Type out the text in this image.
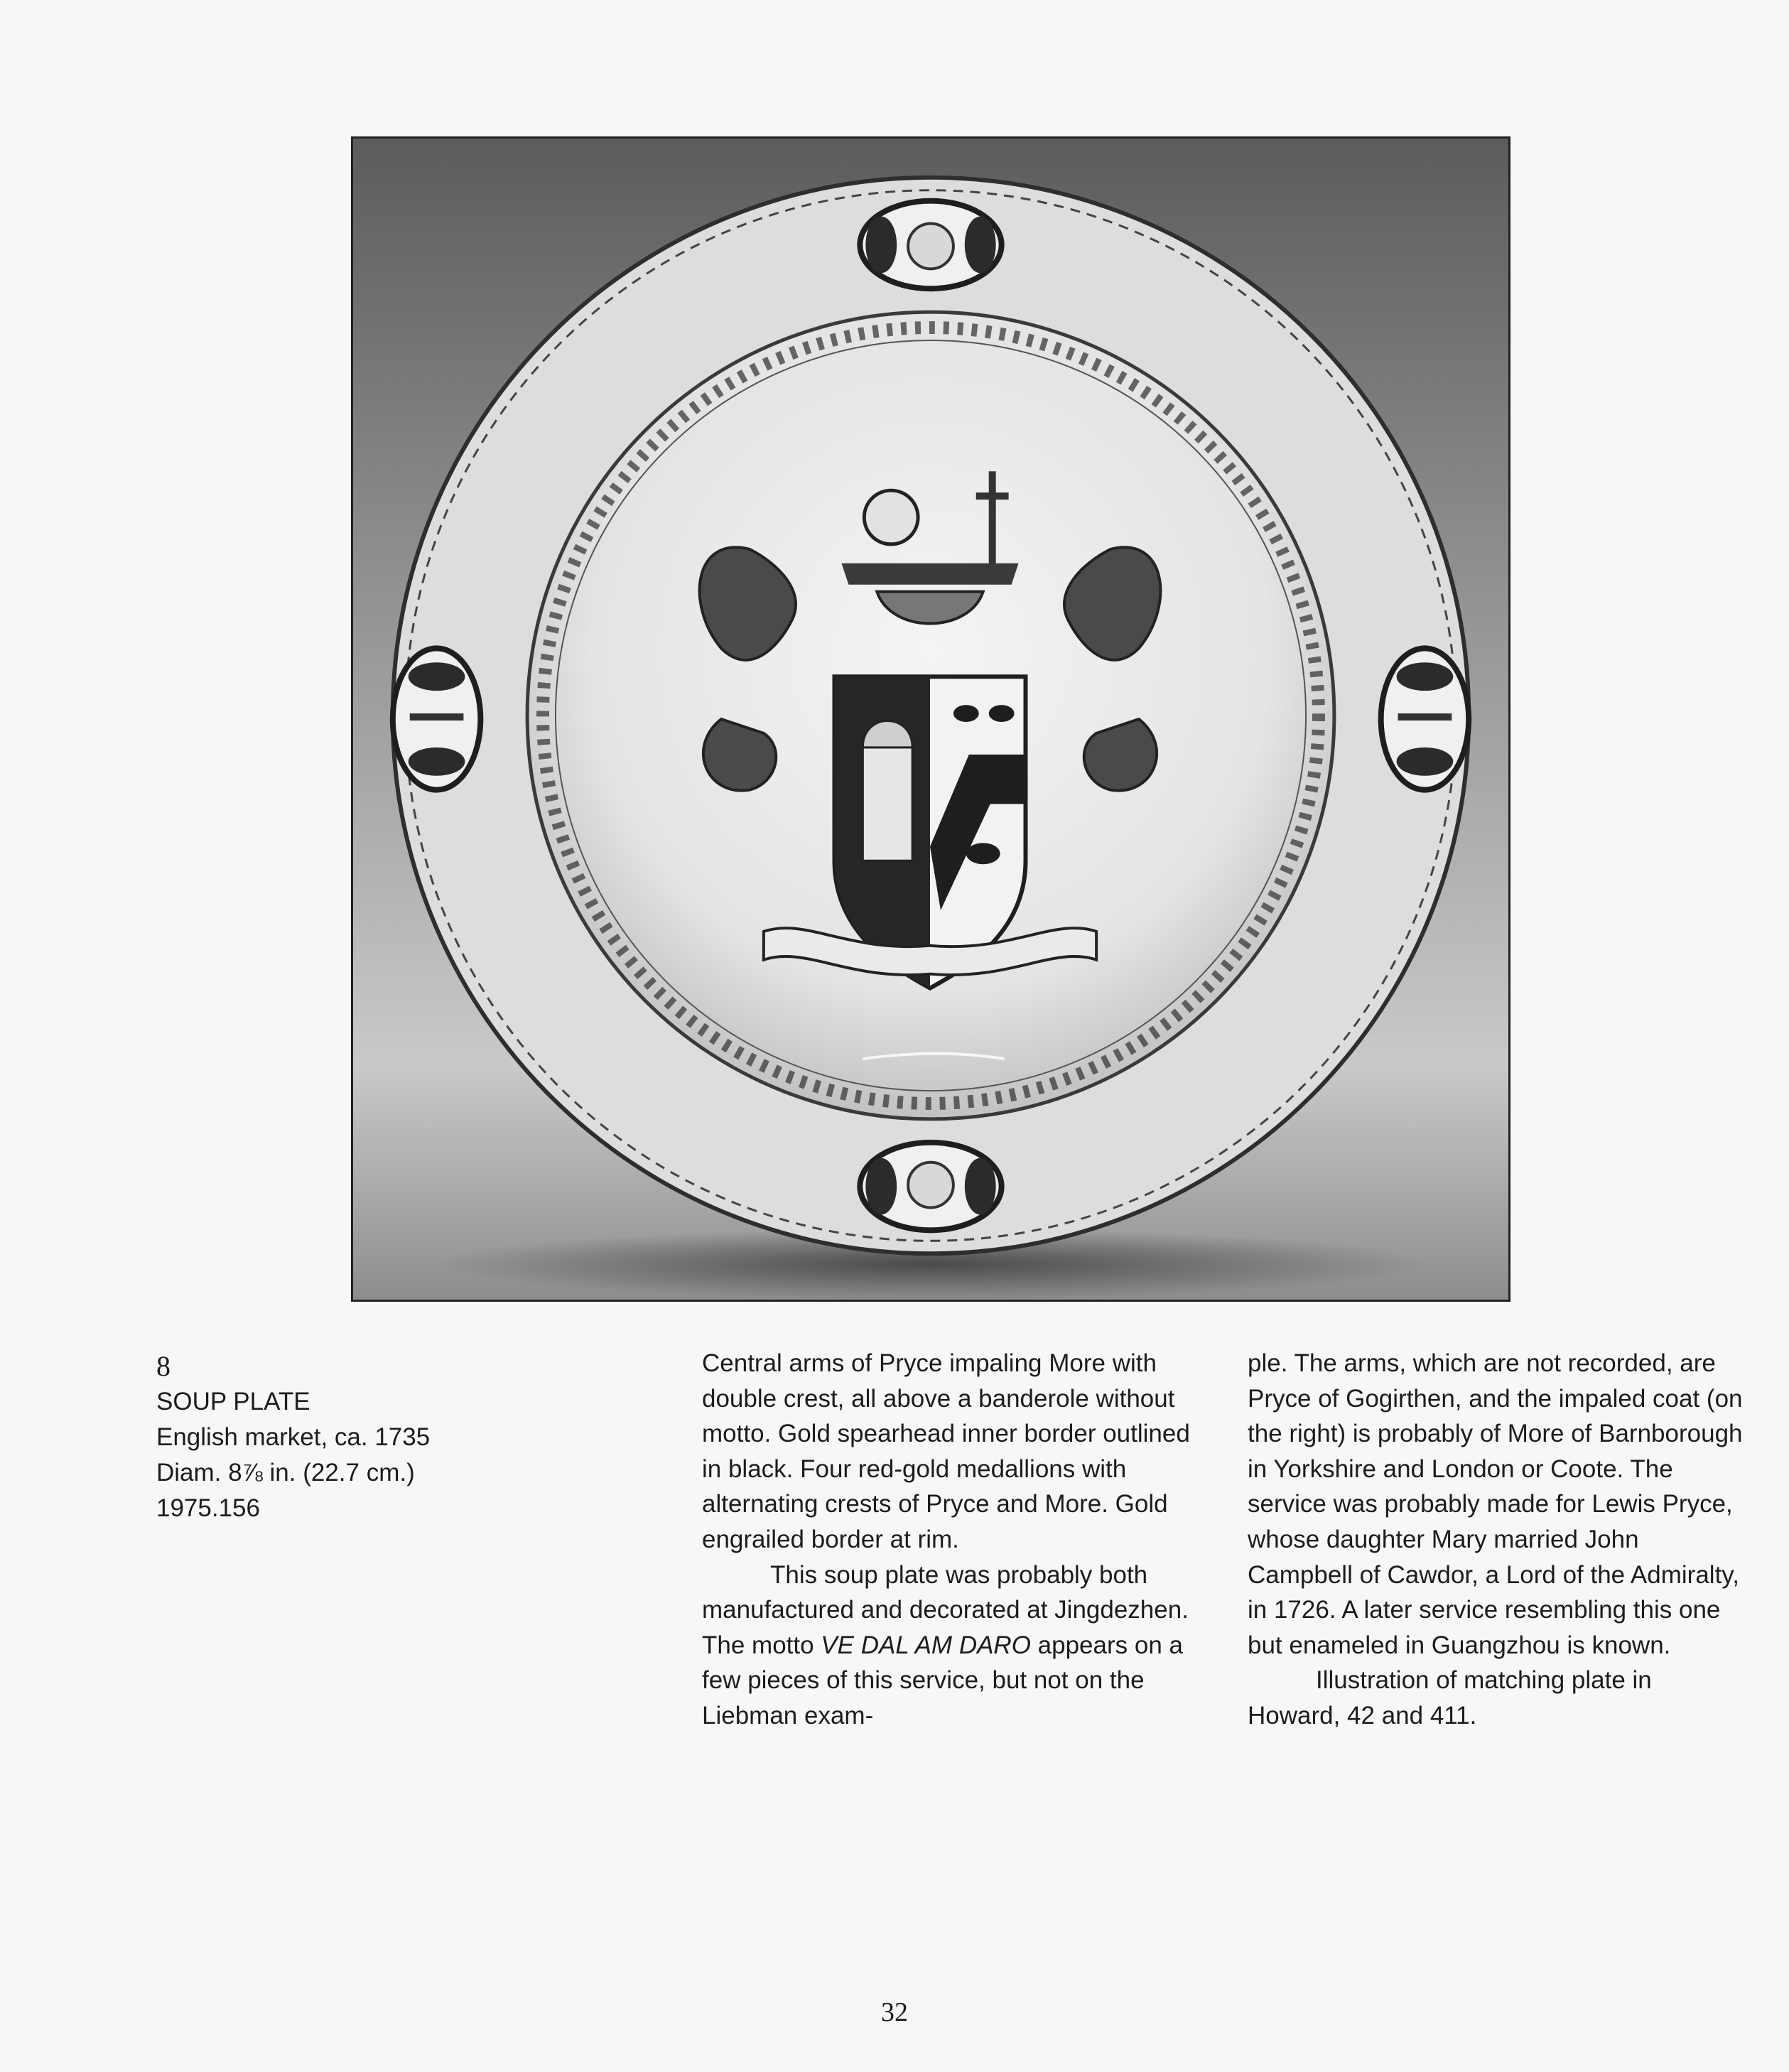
8
SOUP PLATE
English market, ca. 1735
Diam. 8⅞ in. (22.7 cm.)
1975.156

Central arms of Pryce impaling More with double crest, all above a banderole without motto. Gold spearhead inner border outlined in black. Four red-gold medallions with alternating crests of Pryce and More. Gold engrailed border at rim.

This soup plate was probably both manufactured and decorated at Jingdezhen. The motto VE DAL AM DARO appears on a few pieces of this service, but not on the Liebman exam-

ple. The arms, which are not recorded, are Pryce of Gogirthen, and the impaled coat (on the right) is probably of More of Barnborough in Yorkshire and London or Coote. The service was probably made for Lewis Pryce, whose daughter Mary married John Campbell of Cawdor, a Lord of the Admiralty, in 1726. A later service resembling this one but enameled in Guangzhou is known.

Illustration of matching plate in Howard, 42 and 411.

32
